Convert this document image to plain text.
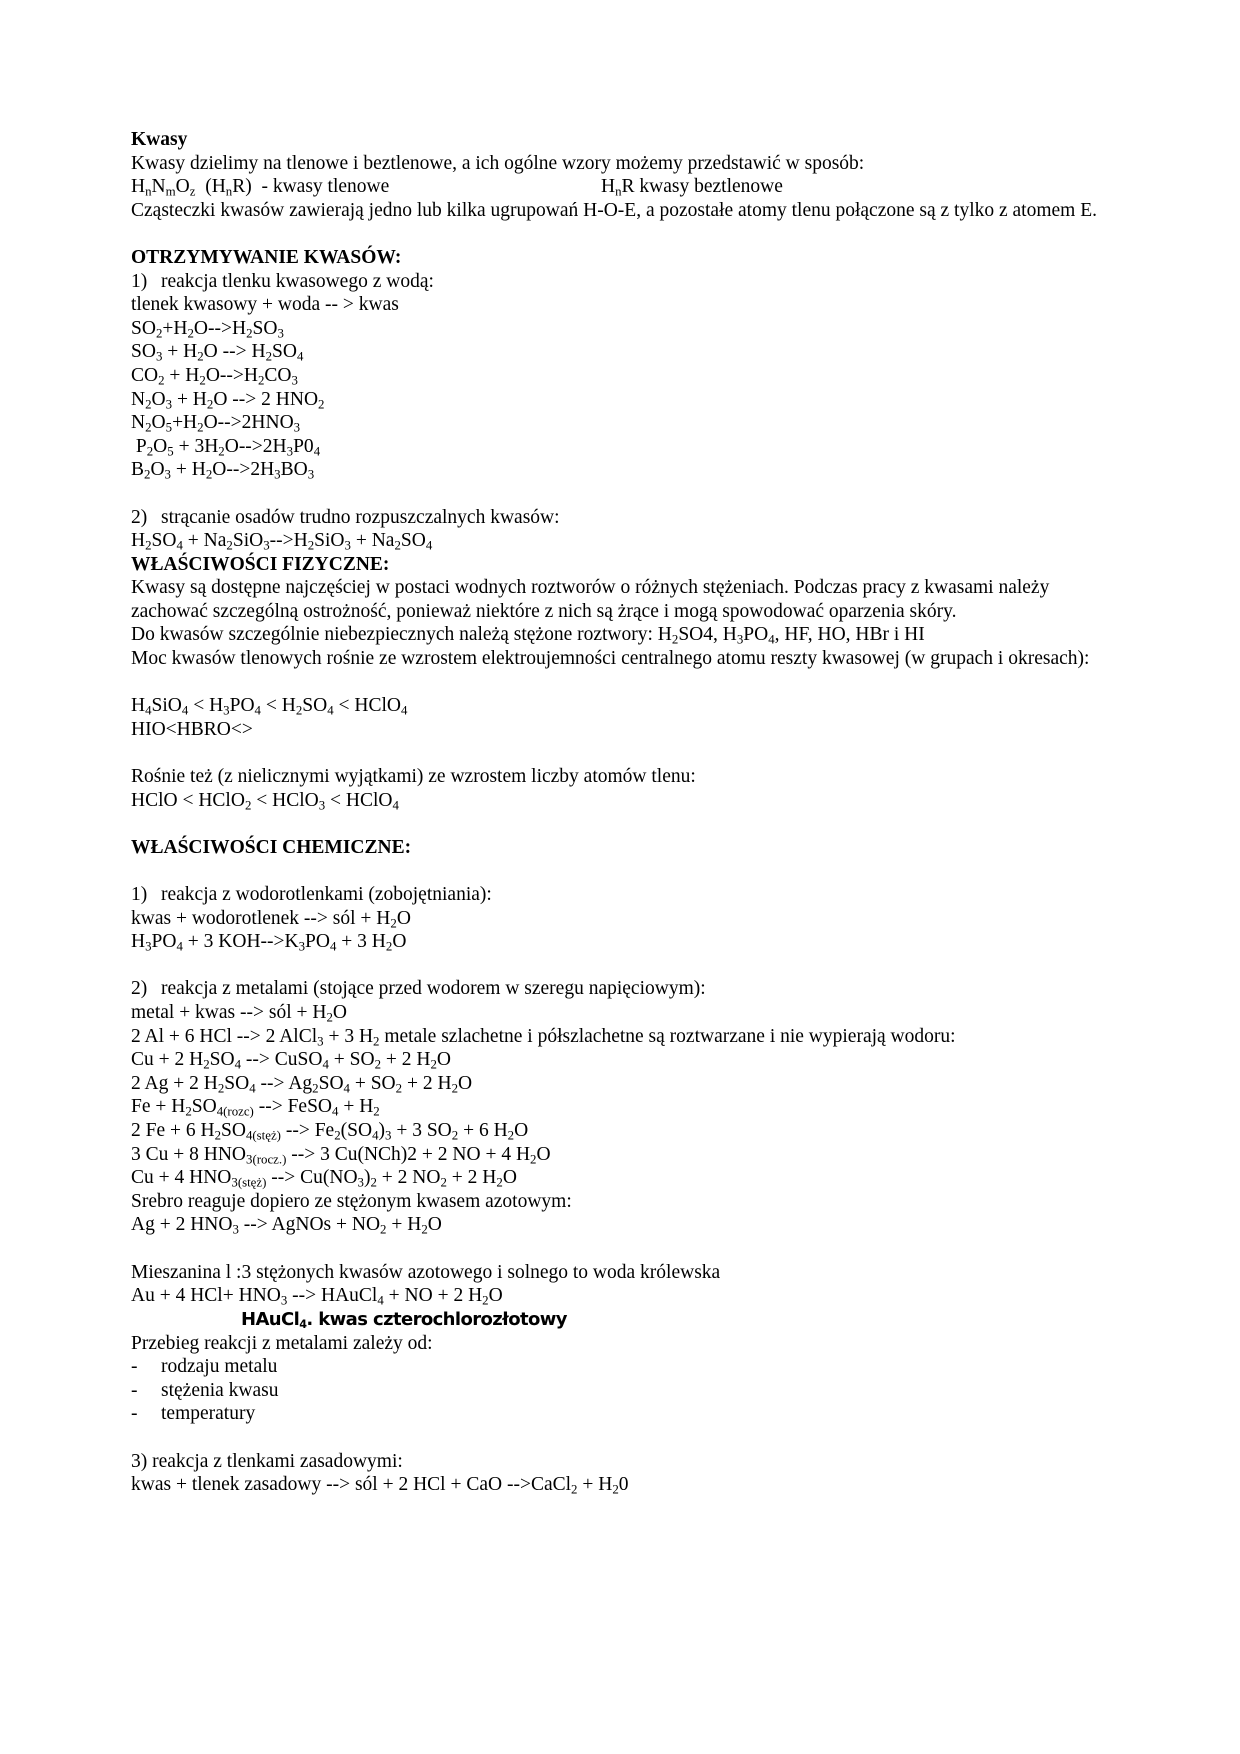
Kwasy
Kwasy dzielimy na tlenowe i beztlenowe, a ich ogólne wzory możemy przedstawić w sposób:
$H_nN_mO_z$  $(H_nR)$  - kwasy tlenowe	$H_nR$ kwasy beztlenowe
Cząsteczki kwasów zawierają jedno lub kilka ugrupowań H-O-E, a pozostałe atomy tlenu połączone są z tylko z atomem E.
OTRZYMYWANIE KWASÓW:
1) reakcja tlenku kwasowego z wodą:
tlenek kwasowy + woda -- > kwas
$SO_2+H_2O-->H_2SO_3$
$SO_3 + H_2O$ --> $H_2SO_4$
$CO_2 + H_2O-->H_2CO_3$
$N_2O_3 + H_2O$ --> 2 $HNO_2$
$N_2O_5+H_2O-->2HNO_3$
$P_2O_5 + 3H_2O-->2H_3P0_4$
$B_2O_3 + H_2O-->2H_3BO_3$
2) strącanie osadów trudno rozpuszczalnych kwasów:
$H_2SO_4 + Na_2SiO_3-->H_2SiO_3 + Na_2SO_4$
WŁAŚCIWOŚCI FIZYCZNE:
Kwasy są dostępne najczęściej w postaci wodnych roztworów o różnych stężeniach. Podczas pracy z kwasami należy zachować szczególną ostrożność, ponieważ niektóre z nich są żrące i mogą spowodować oparzenia skóry.
Do kwasów szczególnie niebezpiecznych należą stężone roztwory: $H_2SO4$, $H_3PO_4$, HF, HO, HBr i HI
Moc kwasów tlenowych rośnie ze wzrostem elektroujemności centralnego atomu reszty kwasowej (w grupach i okresach):
$H_4SiO_4 < H_3PO_4 < H_2SO_4$ < HClO$_4$
HIO<HBRO<>
Rośnie też (z nielicznymi wyjątkami) ze wzrostem liczby atomów tlenu:
HClO < HClO$_2$ < HClO$_3$ < HClO$_4$
WŁAŚCIWOŚCI CHEMICZNE:
1) reakcja z wodorotlenkami (zobojętniania):
kwas + wodorotlenek --> sól + $H_2O$
$H_3PO_4 + 3$ KOH-$->K_3PO_4 + 3$ $H_2O$
2) reakcja z metalami (stojące przed wodorem w szeregu napięciowym):
metal + kwas --> sól + $H_2O$
2 Al + 6 HCl --> 2 AlCl$_3$ + 3 $H_2$ metale szlachetne i półszlachetne są roztwarzane i nie wypierają wodoru:
Cu + 2 $H_2SO_4$ --> CuSO$_4$ + $SO_2 + 2$ $H_2O$
2 Ag + 2 $H_2SO_4$ --> $Ag_2SO_4 + SO_2 + 2$ $H_2O$
$Fe + H_2SO_{4(rozc)}$ --> FeSO$_4$ + $H_2$
2 Fe + 6 $H_2SO_{4(stęż)}$ --> $Fe_2(SO_4)_3 + 3$ $SO_2 + 6$ $H_2O$
3 Cu + 8 $HNO_{3(rocz.)}$ --> 3 Cu(NCh)2 + 2 NO + 4 $H_2O$
Cu + 4 $HNO_{3(stęż)}$ --> $Cu(NO_3)_2 + 2$ $NO_2 + 2$ $H_2O$
Srebro reaguje dopiero ze stężonym kwasem azotowym:
Ag + 2 $HNO_3$ --> AgNOs + $NO_2 + H_2O$
Mieszanina l :3 stężonych kwasów azotowego i solnego to woda królewska
Au + 4 $HCl+ HNO_3$ --> HAuCl$_4$ + NO + 2 $H_2O$
HAuCl$_4$. kwas czterochlorozłotowy
Przebieg reakcji z metalami zależy od:
-	rodzaju metalu
-	stężenia kwasu
-	temperatury
3) reakcja z tlenkami zasadowymi:
kwas + tlenek zasadowy --> sól + 2 HCl + CaO -->CaCl$_2$ + $H_20$
